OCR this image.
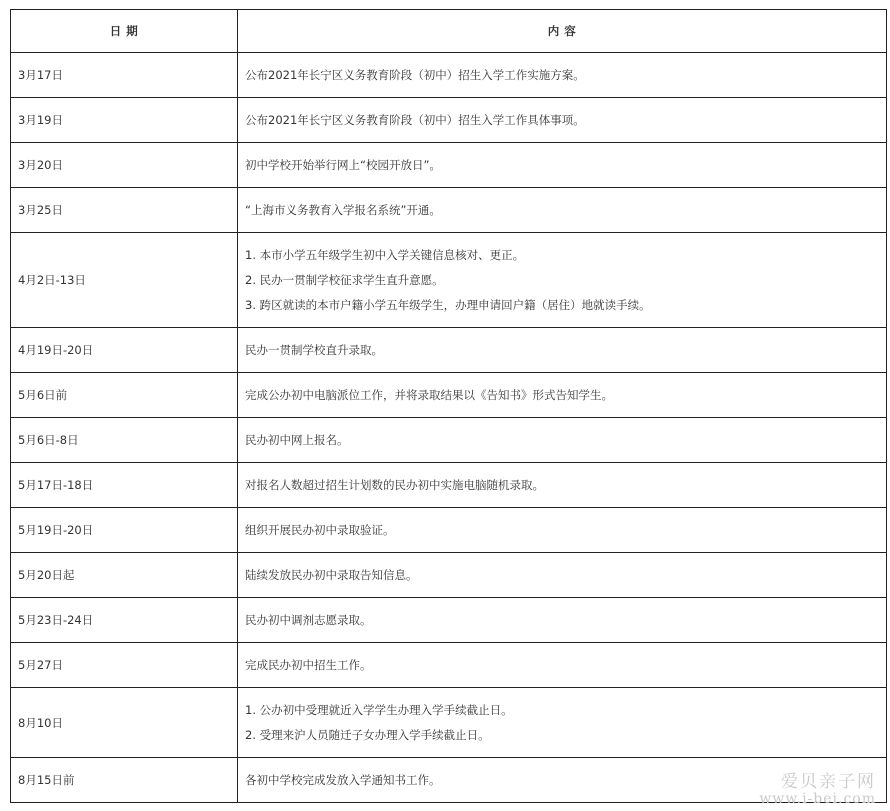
日 期	内 容
3月17日	公布2021年长宁区义务教育阶段（初中）招生入学工作实施方案。

3月19日	公布2021年长宁区义务教育阶段（初中）招生入学工作具体事项。

3月20日	初中学校开始举行网上“校园开放日”。

3月25日	“上海市义务教育入学报名系统”开通。

4月2日-13日	1. 本市小学五年级学生初中入学关键信息核对、更正。
2. 民办一贯制学校征求学生直升意愿。
3. 跨区就读的本市户籍小学五年级学生，办理申请回户籍（居住）地就读手续。

4月19日-20日	民办一贯制学校直升录取。

5月6日前	完成公办初中电脑派位工作，并将录取结果以《告知书》形式告知学生。

5月6日-8日	民办初中网上报名。

5月17日-18日	对报名人数超过招生计划数的民办初中实施电脑随机录取。

5月19日-20日	组织开展民办初中录取验证。

5月20日起	陆续发放民办初中录取告知信息。

5月23日-24日	民办初中调剂志愿录取。

5月27日	完成民办初中招生工作。

8月10日	1. 公办初中受理就近入学学生办理入学手续截止日。
2. 受理来沪人员随迁子女办理入学手续截止日。

8月15日前	各初中学校完成发放入学通知书工作。	爱贝亲子网
www.i-bei.com
